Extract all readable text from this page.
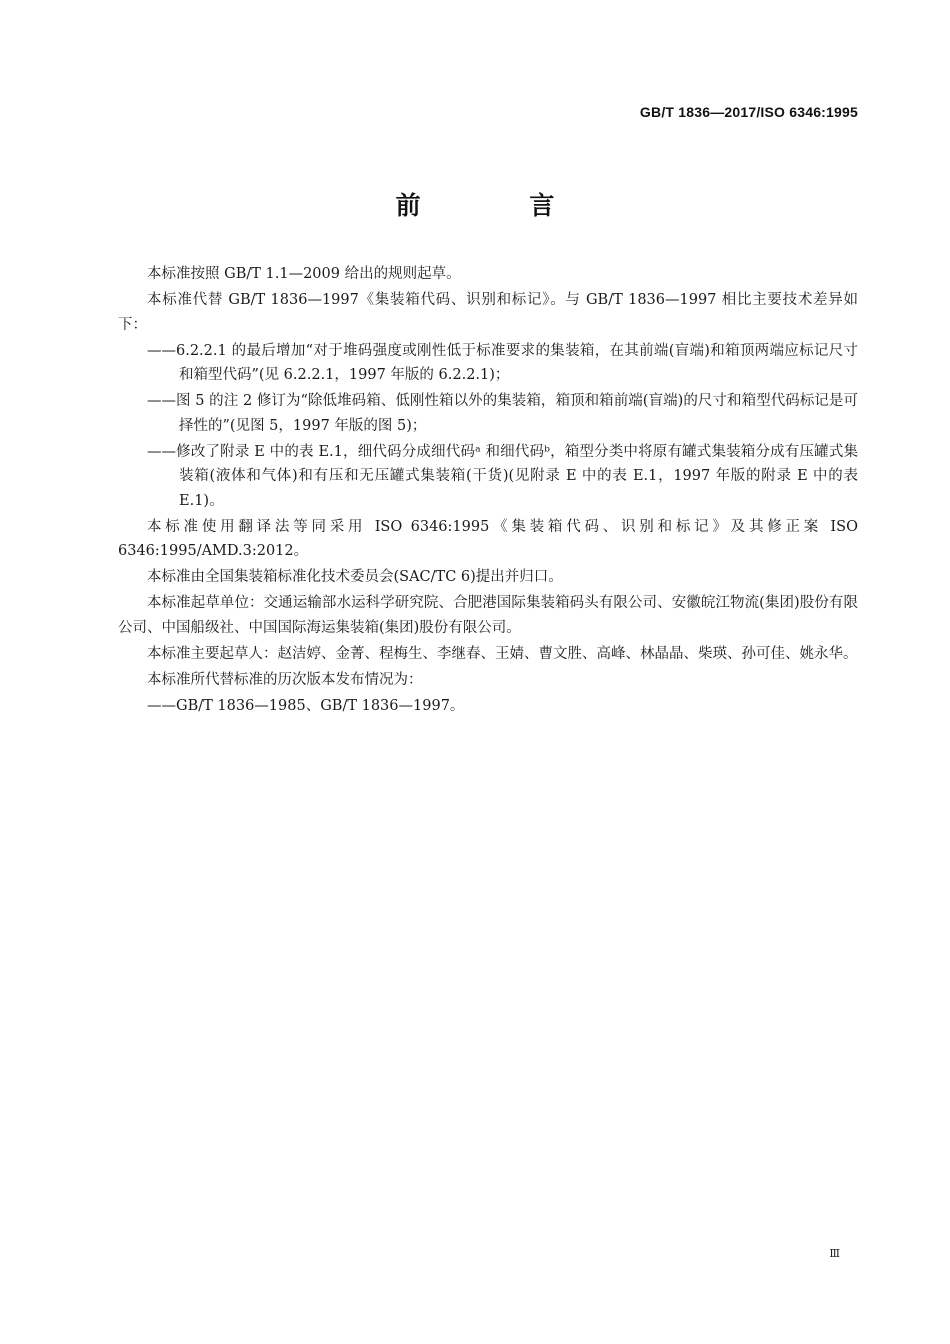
GB/T 1836—2017/ISO 6346:1995
前 言

本标准按照 GB/T 1.1—2009 给出的规则起草。

本标准代替 GB/T 1836—1997《集装箱代码、识别和标记》。与 GB/T 1836—1997 相比主要技术差异如下：

——6.2.2.1 的最后增加“对于堆码强度或刚性低于标准要求的集装箱，在其前端(盲端)和箱顶两端应标记尺寸和箱型代码”(见 6.2.2.1，1997 年版的 6.2.2.1)；

——图 5 的注 2 修订为“除低堆码箱、低刚性箱以外的集装箱，箱顶和箱前端(盲端)的尺寸和箱型代码标记是可择性的”(见图 5，1997 年版的图 5)；

——修改了附录 E 中的表 E.1，细代码分成细代码ᵃ 和细代码ᵇ，箱型分类中将原有罐式集装箱分成有压罐式集装箱(液体和气体)和有压和无压罐式集装箱(干货)(见附录 E 中的表 E.1，1997 年版的附录 E 中的表 E.1)。

本标准使用翻译法等同采用 ISO 6346:1995《集装箱代码、识别和标记》及其修正案 ISO 6346:1995/AMD.3:2012。

本标准由全国集装箱标准化技术委员会(SAC/TC 6)提出并归口。

本标准起草单位：交通运输部水运科学研究院、合肥港国际集装箱码头有限公司、安徽皖江物流(集团)股份有限公司、中国船级社、中国国际海运集装箱(集团)股份有限公司。

本标准主要起草人：赵洁婷、金菁、程梅生、李继春、王婧、曹文胜、高峰、林晶晶、柴瑛、孙可佳、姚永华。

本标准所代替标准的历次版本发布情况为：

——GB/T 1836—1985、GB/T 1836—1997。

Ⅲ
